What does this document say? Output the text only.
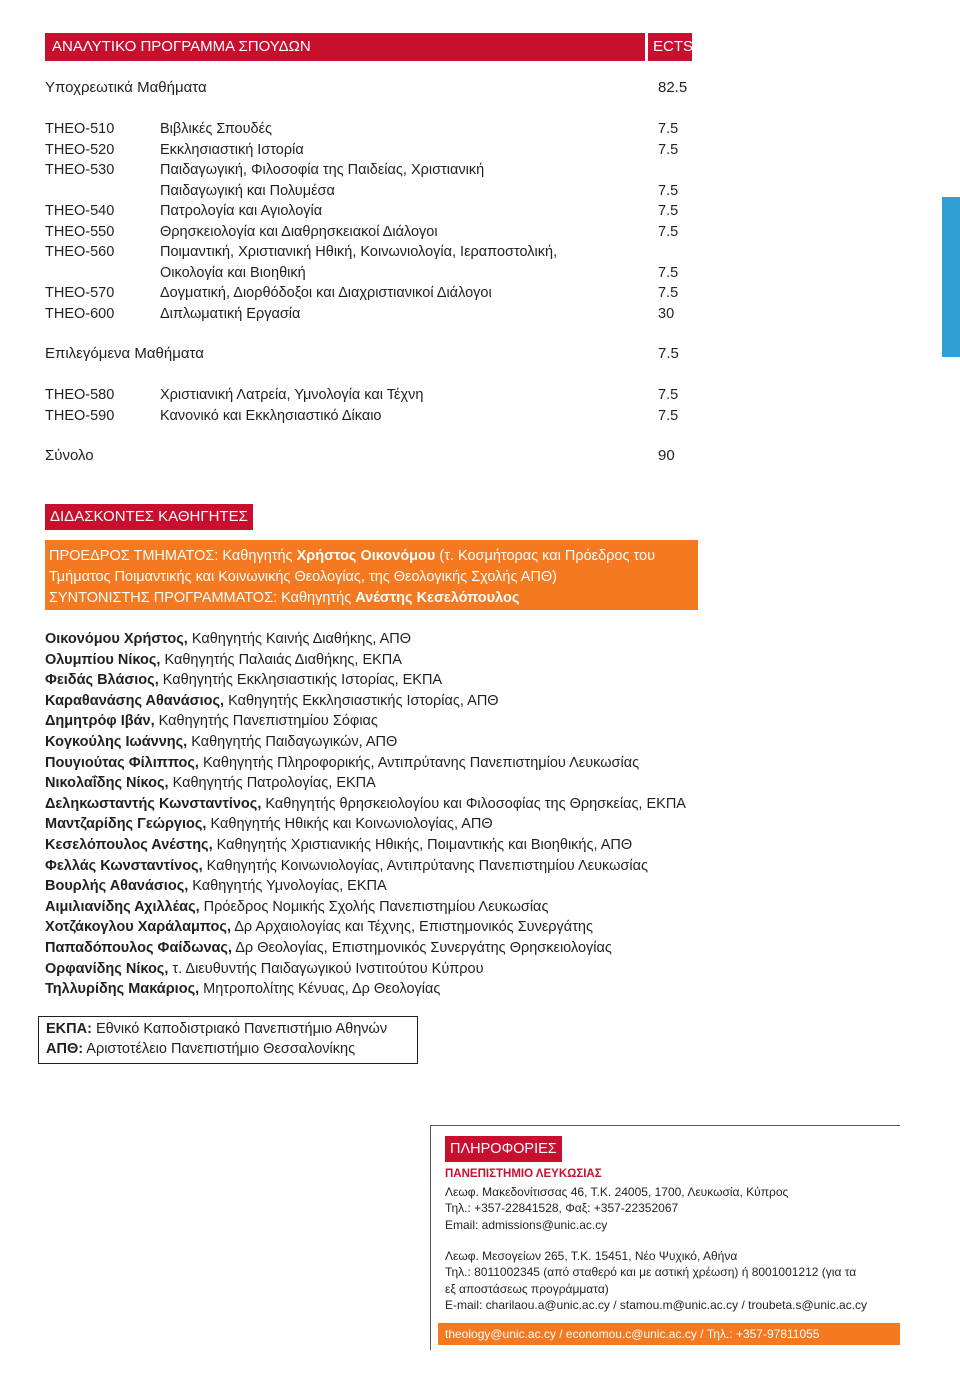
ΑΝΑΛΥΤΙΚΟ ΠΡΟΓΡΑΜΜΑ ΣΠΟΥΔΩΝ	ECTS
Υποχρεωτικά Μαθήματα	82.5
THEO-510	Βιβλικές Σπουδές	7.5
THEO-520	Εκκλησιαστική Ιστορία	7.5
THEO-530	Παιδαγωγική, Φιλοσοφία της Παιδείας, Χριστιανική
Παιδαγωγική και Πολυμέσα	7.5
THEO-540	Πατρολογία και Αγιολογία	7.5
THEO-550	Θρησκειολογία και Διαθρησκειακοί Διάλογοι	7.5
THEO-560	Ποιμαντική, Χριστιανική Ηθική, Κοινωνιολογία, Ιεραποστολική,
Οικολογία και Βιοηθική	7.5
THEO-570	Δογματική, Διορθόδοξοι και Διαχριστιανικοί Διάλογοι	7.5
THEO-600	Διπλωματική Εργασία	30
Επιλεγόμενα Μαθήματα	7.5
THEO-580	Χριστιανική Λατρεία, Υμνολογία και Τέχνη	7.5
THEO-590	Κανονικό και Εκκλησιαστικό Δίκαιο	7.5
Σύνολο	90
ΔΙΔΑΣΚΟΝΤΕΣ ΚΑΘΗΓΗΤΕΣ
ΠΡΟΕΔΡΟΣ ΤΜΗΜΑΤΟΣ: Καθηγητής Χρήστος Οικονόμου (τ. Κοσμήτορας και Πρόεδρος του
Τμήματος Ποιμαντικής και Κοινωνικής Θεολογίας, της Θεολογικής Σχολής ΑΠΘ)
ΣΥΝΤΟΝΙΣΤΗΣ ΠΡΟΓΡΑΜΜΑΤΟΣ: Καθηγητής Ανέστης Κεσελόπουλος
Οικονόμου Χρήστος, Καθηγητής Καινής Διαθήκης, ΑΠΘ
Ολυμπίου Νίκος, Καθηγητής Παλαιάς Διαθήκης, ΕΚΠΑ
Φειδάς Βλάσιος, Καθηγητής Εκκλησιαστικής Ιστορίας, ΕΚΠΑ
Καραθανάσης Αθανάσιος, Καθηγητής Εκκλησιαστικής Ιστορίας, ΑΠΘ
Δημητρόφ Ιβάν, Καθηγητής Πανεπιστημίου Σόφιας
Κογκούλης Ιωάννης, Καθηγητής Παιδαγωγικών, ΑΠΘ
Πουγιούτας Φίλιππος, Καθηγητής Πληροφορικής, Αντιπρύτανης Πανεπιστημίου Λευκωσίας
Νικολαΐδης Νίκος, Καθηγητής Πατρολογίας, ΕΚΠΑ
Δεληκωσταντής Κωνσταντίνος, Καθηγητής θρησκειολογίου και Φιλοσοφίας της Θρησκείας, ΕΚΠΑ
Μαντζαρίδης Γεώργιος, Καθηγητής Ηθικής και Κοινωνιολογίας, ΑΠΘ
Κεσελόπουλος Ανέστης, Καθηγητής Χριστιανικής Ηθικής, Ποιμαντικής και Βιοηθικής, ΑΠΘ
Φελλάς Κωνσταντίνος, Καθηγητής Κοινωνιολογίας, Αντιπρύτανης Πανεπιστημίου Λευκωσίας
Βουρλής Αθανάσιος, Καθηγητής Υμνολογίας, ΕΚΠΑ
Αιμιλιανίδης Αχιλλέας, Πρόεδρος Νομικής Σχολής Πανεπιστημίου Λευκωσίας
Χοτζάκογλου Χαράλαμπος, Δρ Αρχαιολογίας και Τέχνης, Επιστημονικός Συνεργάτης
Παπαδόπουλος Φαίδωνας, Δρ Θεολογίας, Επιστημονικός Συνεργάτης Θρησκειολογίας
Ορφανίδης Νίκος, τ. Διευθυντής Παιδαγωγικού Ινστιτούτου Κύπρου
Τηλλυρίδης Μακάριος, Μητροπολίτης Κένυας, Δρ Θεολογίας
ΕΚΠΑ: Εθνικό Καποδιστριακό Πανεπιστήμιο Αθηνών
ΑΠΘ: Αριστοτέλειο Πανεπιστήμιο Θεσσαλονίκης
ΠΛΗΡΟΦΟΡΙΕΣ
ΠΑΝΕΠΙΣΤΗΜΙΟ ΛΕΥΚΩΣΙΑΣ
Λεωφ. Μακεδονίτισσας 46, Τ.Κ. 24005, 1700, Λευκωσία, Κύπρος
Τηλ.: +357-22841528, Φαξ: +357-22352067
Email: admissions@unic.ac.cy
Λεωφ. Μεσογείων 265, Τ.Κ. 15451, Νέο Ψυχικό, Αθήνα
Τηλ.: 8011002345 (από σταθερό και με αστική χρέωση) ή 8001001212 (για τα
εξ αποστάσεως προγράμματα)
E-mail: charilaou.a@unic.ac.cy / stamou.m@unic.ac.cy / troubeta.s@unic.ac.cy
theology@unic.ac.cy / economou.c@unic.ac.cy / Τηλ.: +357-97811055
